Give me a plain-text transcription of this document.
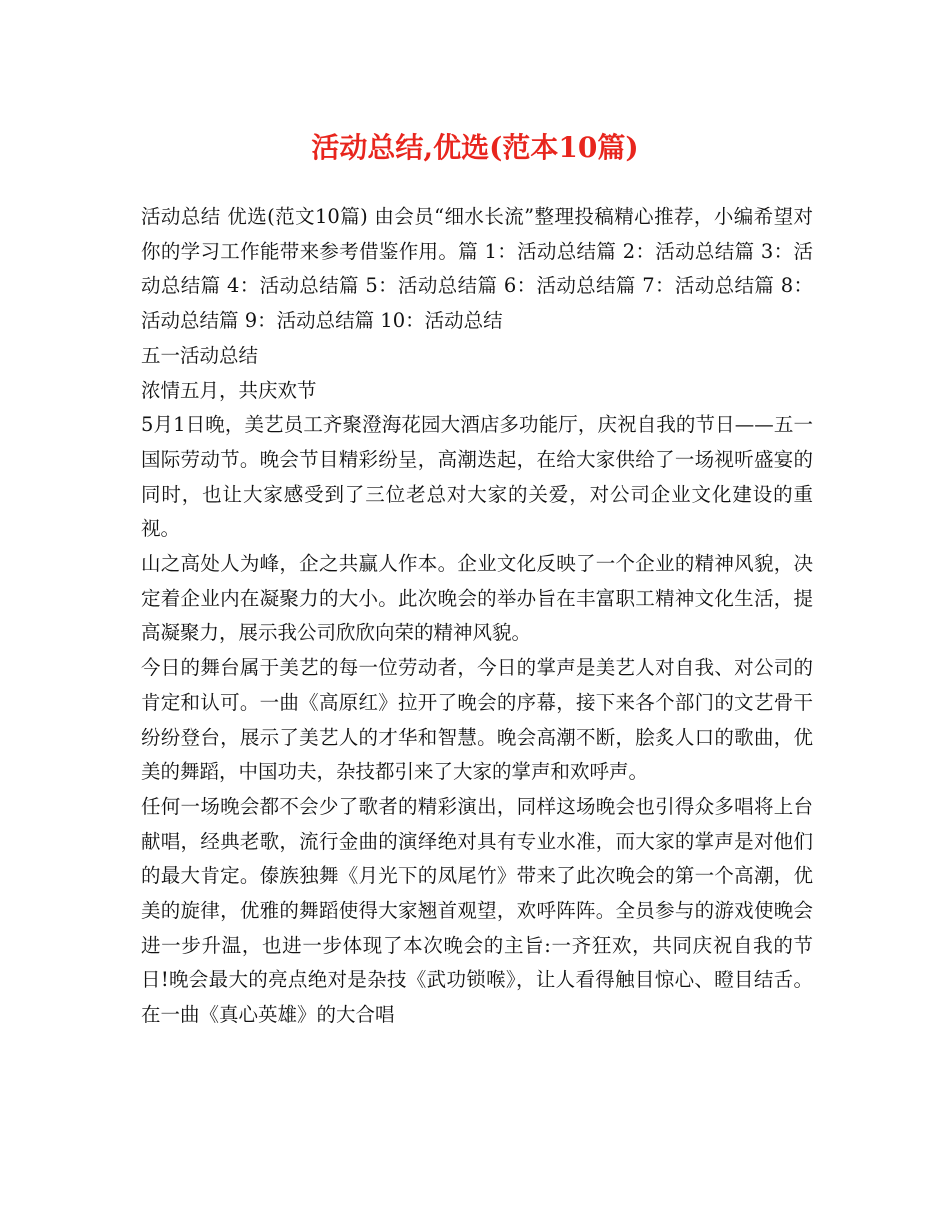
活动总结,优选(范本10篇)

活动总结 优选(范文10篇) 由会员“细水长流”整理投稿精心推荐，小编希望对你的学习工作能带来参考借鉴作用。篇 1：活动总结篇 2：活动总结篇 3：活动总结篇 4：活动总结篇 5：活动总结篇 6：活动总结篇 7：活动总结篇 8：活动总结篇 9：活动总结篇 10：活动总结

五一活动总结

浓情五月，共庆欢节

5月1日晚，美艺员工齐聚澄海花园大酒店多功能厅，庆祝自我的节日——五一国际劳动节。晚会节目精彩纷呈，高潮迭起，在给大家供给了一场视听盛宴的同时，也让大家感受到了三位老总对大家的关爱，对公司企业文化建设的重视。

山之高处人为峰，企之共赢人作本。企业文化反映了一个企业的精神风貌，决定着企业内在凝聚力的大小。此次晚会的举办旨在丰富职工精神文化生活，提高凝聚力，展示我公司欣欣向荣的精神风貌。

今日的舞台属于美艺的每一位劳动者，今日的掌声是美艺人对自我、对公司的肯定和认可。一曲《高原红》拉开了晚会的序幕，接下来各个部门的文艺骨干纷纷登台，展示了美艺人的才华和智慧。晚会高潮不断，脍炙人口的歌曲，优美的舞蹈，中国功夫，杂技都引来了大家的掌声和欢呼声。

任何一场晚会都不会少了歌者的精彩演出，同样这场晚会也引得众多唱将上台献唱，经典老歌，流行金曲的演绎绝对具有专业水准，而大家的掌声是对他们的最大肯定。傣族独舞《月光下的凤尾竹》带来了此次晚会的第一个高潮，优美的旋律，优雅的舞蹈使得大家翘首观望，欢呼阵阵。全员参与的游戏使晚会进一步升温，也进一步体现了本次晚会的主旨:一齐狂欢，共同庆祝自我的节日!晚会最大的亮点绝对是杂技《武功锁喉》，让人看得触目惊心、瞪目结舌。在一曲《真心英雄》的大合唱
